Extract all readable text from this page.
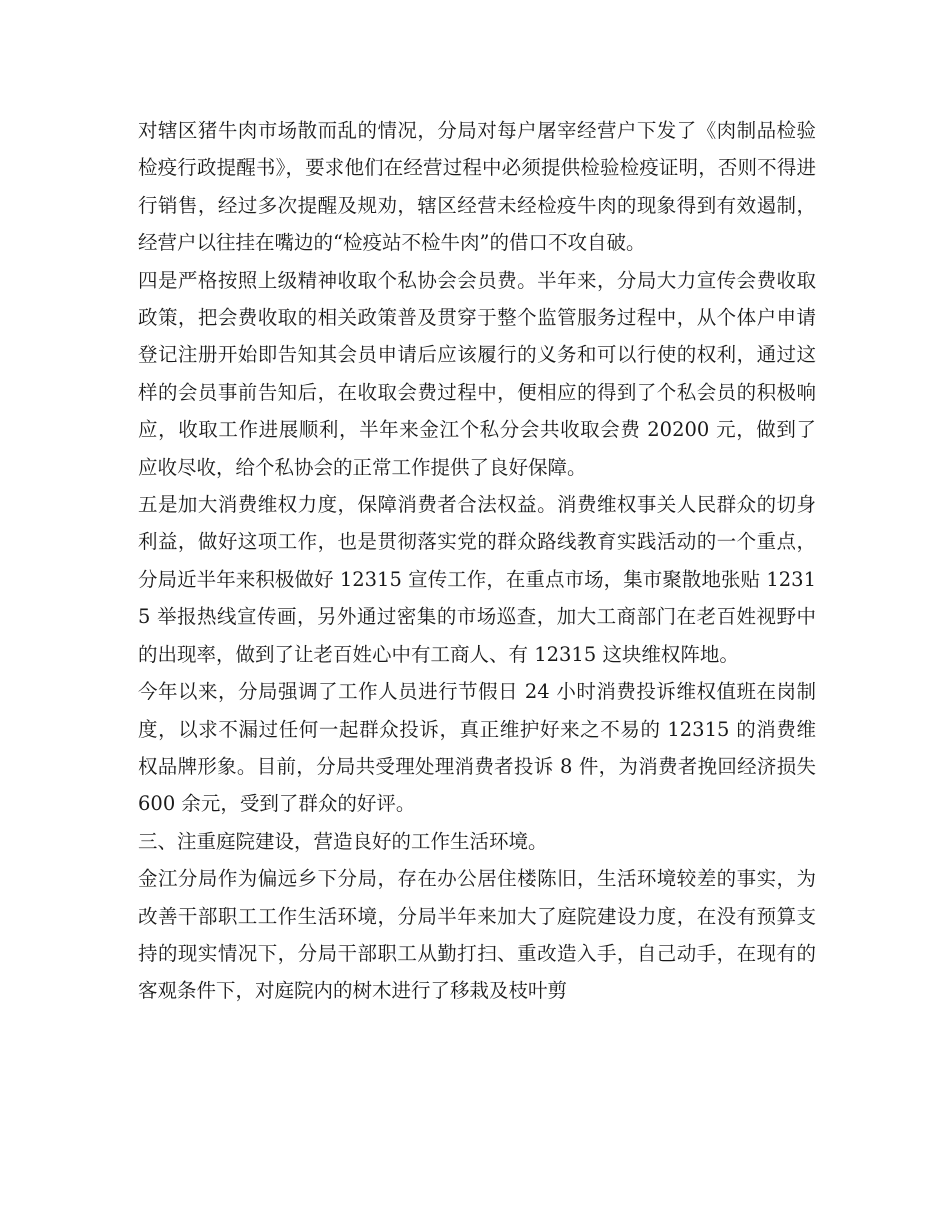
对辖区猪牛肉市场散而乱的情况，分局对每户屠宰经营户下发了《肉制品检验检疫行政提醒书》，要求他们在经营过程中必须提供检验检疫证明，否则不得进行销售，经过多次提醒及规劝，辖区经营未经检疫牛肉的现象得到有效遏制，经营户以往挂在嘴边的“检疫站不检牛肉”的借口不攻自破。

四是严格按照上级精神收取个私协会会员费。半年来，分局大力宣传会费收取政策，把会费收取的相关政策普及贯穿于整个监管服务过程中，从个体户申请登记注册开始即告知其会员申请后应该履行的义务和可以行使的权利，通过这样的会员事前告知后，在收取会费过程中，便相应的得到了个私会员的积极响应，收取工作进展顺利，半年来金江个私分会共收取会费 20200 元，做到了应收尽收，给个私协会的正常工作提供了良好保障。

五是加大消费维权力度，保障消费者合法权益。消费维权事关人民群众的切身利益，做好这项工作，也是贯彻落实党的群众路线教育实践活动的一个重点，分局近半年来积极做好 12315 宣传工作，在重点市场，集市聚散地张贴 12315 举报热线宣传画，另外通过密集的市场巡查，加大工商部门在老百姓视野中的出现率，做到了让老百姓心中有工商人、有 12315 这块维权阵地。

今年以来，分局强调了工作人员进行节假日 24 小时消费投诉维权值班在岗制度，以求不漏过任何一起群众投诉，真正维护好来之不易的 12315 的消费维权品牌形象。目前，分局共受理处理消费者投诉 8 件，为消费者挽回经济损失 600 余元，受到了群众的好评。

三、注重庭院建设，营造良好的工作生活环境。

金江分局作为偏远乡下分局，存在办公居住楼陈旧，生活环境较差的事实，为改善干部职工工作生活环境，分局半年来加大了庭院建设力度，在没有预算支持的现实情况下，分局干部职工从勤打扫、重改造入手，自己动手，在现有的客观条件下，对庭院内的树木进行了移栽及枝叶剪
